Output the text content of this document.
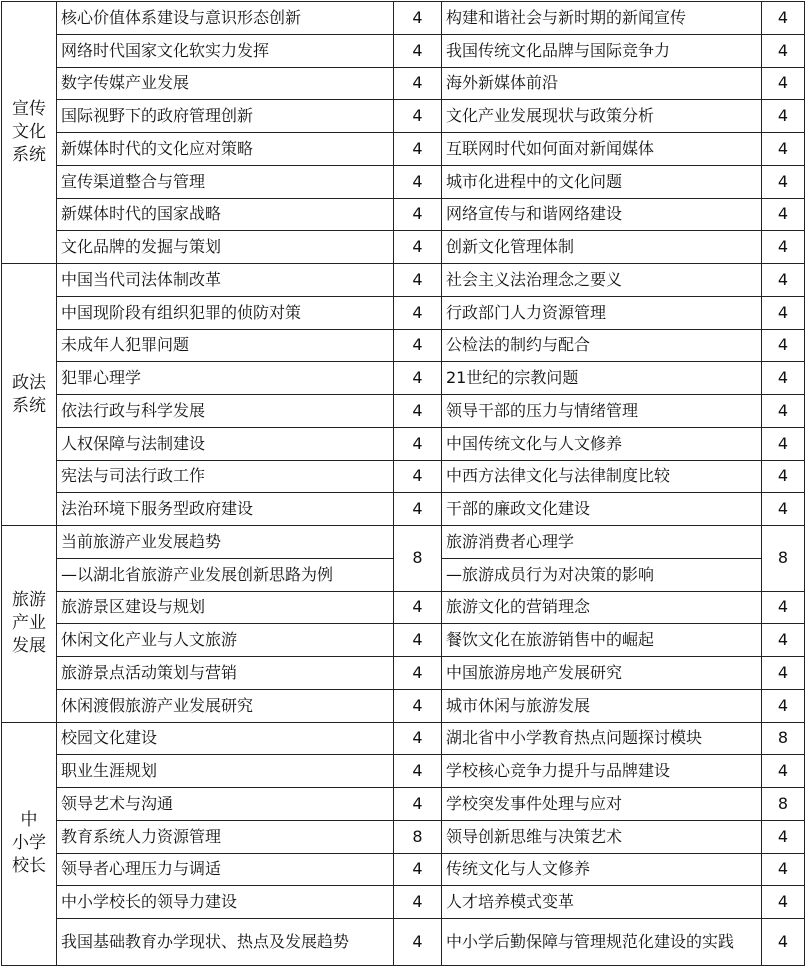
宣传
文化
系统	核心价值体系建设与意识形态创新	4	构建和谐社会与新时期的新闻宣传	4
	网络时代国家文化软实力发挥	4	我国传统文化品牌与国际竞争力	4
	数字传媒产业发展	4	海外新媒体前沿	4
	国际视野下的政府管理创新	4	文化产业发展现状与政策分析	4
	新媒体时代的文化应对策略	4	互联网时代如何面对新闻媒体	4
	宣传渠道整合与管理	4	城市化进程中的文化问题	4
	新媒体时代的国家战略	4	网络宣传与和谐网络建设	4
	文化品牌的发掘与策划	4	创新文化管理体制	4

政法
系统	中国当代司法体制改革	4	社会主义法治理念之要义	4
	中国现阶段有组织犯罪的侦防对策	4	行政部门人力资源管理	4
	未成年人犯罪问题	4	公检法的制约与配合	4
	犯罪心理学	4	21世纪的宗教问题	4
	依法行政与科学发展	4	领导干部的压力与情绪管理	4
	人权保障与法制建设	4	中国传统文化与人文修养	4
	宪法与司法行政工作	4	中西方法律文化与法律制度比较	4
	法治环境下服务型政府建设	4	干部的廉政文化建设	4

旅游
产业
发展	当前旅游产业发展趋势	8	旅游消费者心理学	8
	—以湖北省旅游产业发展创新思路为例		—旅游成员行为对决策的影响	
	旅游景区建设与规划	4	旅游文化的营销理念	4
	休闲文化产业与人文旅游	4	餐饮文化在旅游销售中的崛起	4
	旅游景点活动策划与营销	4	中国旅游房地产发展研究	4
	休闲渡假旅游产业发展研究	4	城市休闲与旅游发展	4

中
小学
校长	校园文化建设	4	湖北省中小学教育热点问题探讨模块	8
	职业生涯规划	4	学校核心竞争力提升与品牌建设	4
	领导艺术与沟通	4	学校突发事件处理与应对	8
	教育系统人力资源管理	8	领导创新思维与决策艺术	4
	领导者心理压力与调适	4	传统文化与人文修养	4
	中小学校长的领导力建设	4	人才培养模式变革	4
	我国基础教育办学现状、热点及发展趋势	4	中小学后勤保障与管理规范化建设的实践	4
